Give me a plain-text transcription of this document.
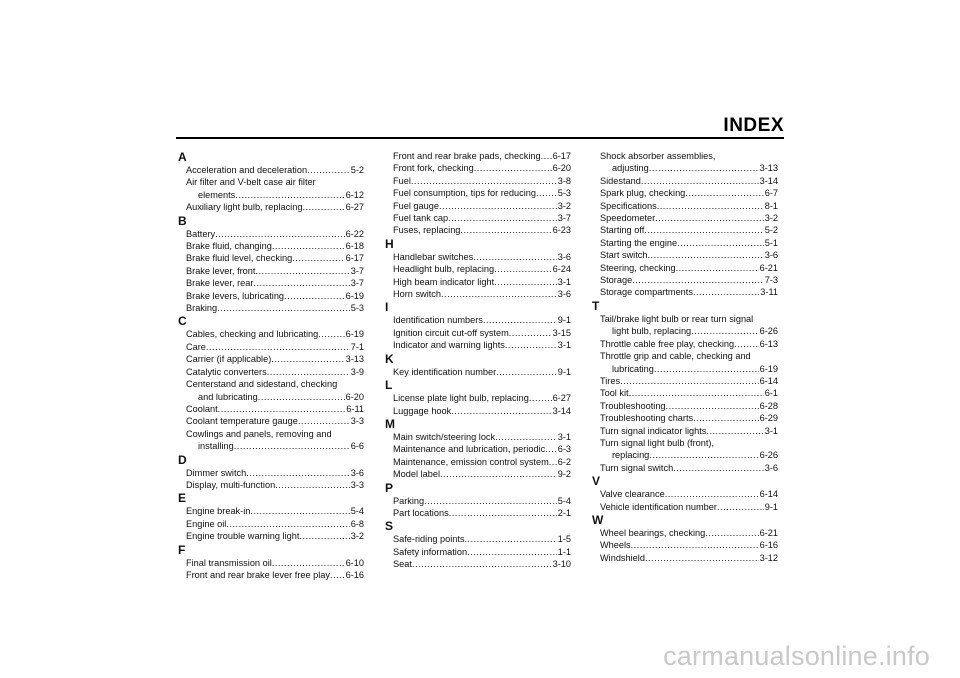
INDEX
A
Acceleration and deceleration .....	5-2
Air filter and V-belt case air filter
elements .....	6-12
Auxiliary light bulb, replacing .....	6-27
B
Battery .....	6-22
Brake fluid, changing .....	6-18
Brake fluid level, checking .....	6-17
Brake lever, front .....	3-7
Brake lever, rear .....	3-7
Brake levers, lubricating .....	6-19
Braking .....	5-3
C
Cables, checking and lubricating .....	6-19
Care .....	7-1
Carrier (if applicable) .....	3-13
Catalytic converters .....	3-9
Centerstand and sidestand, checking
and lubricating .....	6-20
Coolant .....	6-11
Coolant temperature gauge .....	3-3
Cowlings and panels, removing and
installing .....	6-6
D
Dimmer switch .....	3-6
Display, multi-function .....	3-3
E
Engine break-in .....	5-4
Engine oil .....	6-8
Engine trouble warning light .....	3-2
F
Final transmission oil .....	6-10
Front and rear brake lever free play ..... 6-16
Front and rear brake pads, checking ..... 6-17
Front fork, checking .....	6-20
Fuel .....	3-8
Fuel consumption, tips for reducing ..... 5-3
Fuel gauge .....	3-2
Fuel tank cap .....	3-7
Fuses, replacing .....	6-23
H
Handlebar switches .....	3-6
Headlight bulb, replacing .....	6-24
High beam indicator light .....	3-1
Horn switch .....	3-6
I
Identification numbers .....	9-1
Ignition circuit cut-off system .....	3-15
Indicator and warning lights .....	3-1
K
Key identification number .....	9-1
L
License plate light bulb, replacing .....	6-27
Luggage hook .....	3-14
M
Main switch/steering lock .....	3-1
Maintenance and lubrication, periodic ..... 6-3
Maintenance, emission control system ..... 6-2
Model label .....	9-2
P
Parking .....	5-4
Part locations .....	2-1
S
Safe-riding points .....	1-5
Safety information .....	1-1
Seat .....	3-10
Shock absorber assemblies,
adjusting .....	3-13
Sidestand .....	3-14
Spark plug, checking .....	6-7
Specifications .....	8-1
Speedometer .....	3-2
Starting off .....	5-2
Starting the engine .....	5-1
Start switch .....	3-6
Steering, checking .....	6-21
Storage .....	7-3
Storage compartments .....	3-11
T
Tail/brake light bulb or rear turn signal
light bulb, replacing .....	6-26
Throttle cable free play, checking .....	6-13
Throttle grip and cable, checking and
lubricating .....	6-19
Tires .....	6-14
Tool kit .....	6-1
Troubleshooting .....	6-28
Troubleshooting charts .....	6-29
Turn signal indicator lights .....	3-1
Turn signal light bulb (front),
replacing .....	6-26
Turn signal switch .....	3-6
V
Valve clearance .....	6-14
Vehicle identification number .....	9-1
W
Wheel bearings, checking .....	6-21
Wheels .....	6-16
Windshield .....	3-12
carmanualsonline.info
